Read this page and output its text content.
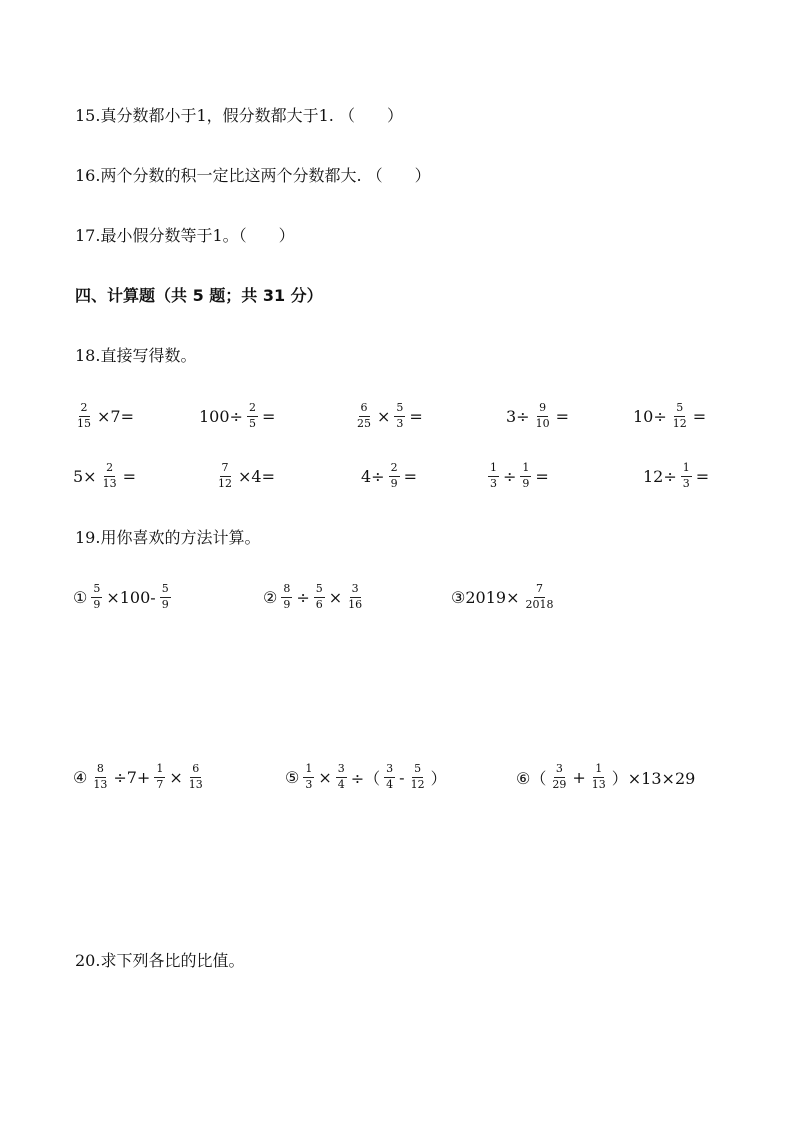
15.真分数都小于1，假分数都大于1. （　　）
16.两个分数的积一定比这两个分数都大. （　　）
17.最小假分数等于1。（　　）
四、计算题（共 5 题；共 31 分）
18.直接写得数。
$\frac{2}{15} \times 7=$	$100\div \frac{2}{5}$ =	$\frac{6}{25} \times \frac{5}{3}$ =	$3\div \frac{9}{10}$ =	$10\div \frac{5}{12}$ =
$5\times \frac{2}{13}$ =	$\frac{7}{12} \times 4=$	$4\div \frac{2}{9}$ =	$\frac{1}{3} \div \frac{1}{9}$ =	$12\div \frac{1}{3}$ =
19.用你喜欢的方法计算。
① $\frac{5}{9} \times 100- \frac{5}{9}$	② $\frac{8}{9} \div \frac{5}{6} \times \frac{3}{16}$	③2019× $\frac{7}{2018}$
④ $\frac{8}{13} \div 7+ \frac{1}{7} \times \frac{6}{13}$	⑤ $\frac{1}{3} \times \frac{3}{4}$ ÷（ $\frac{3}{4} - \frac{5}{12}$ ）	⑥（ $\frac{3}{29} + \frac{1}{13} )\times 13\times 29$
20.求下列各比的比值。
